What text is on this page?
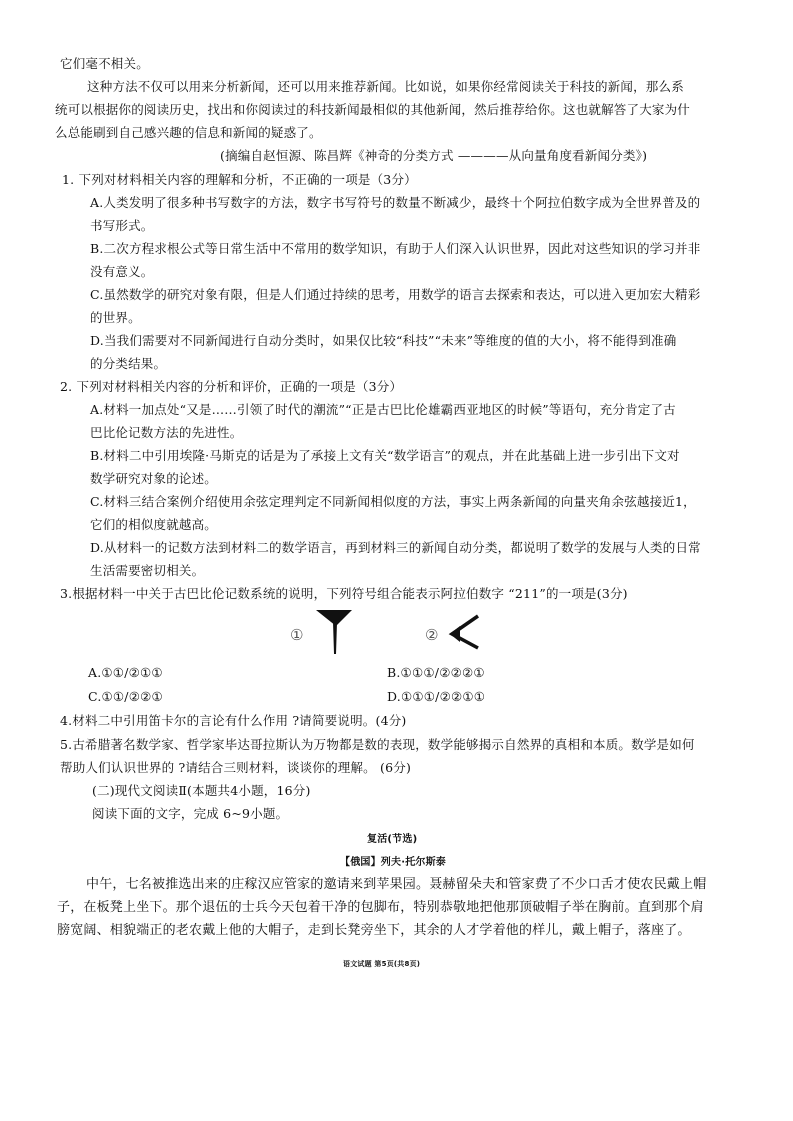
它们毫不相关。
这种方法不仅可以用来分析新闻，还可以用来推荐新闻。比如说，如果你经常阅读关于科技的新闻，那么系
统可以根据你的阅读历史，找出和你阅读过的科技新闻最相似的其他新闻，然后推荐给你。这也就解答了大家为什
么总能刷到自己感兴趣的信息和新闻的疑惑了。
(摘编自赵恒源、陈昌辉《神奇的分类方式 ————从向量角度看新闻分类》)
1. 下列对材料相关内容的理解和分析，不正确的一项是（3分）
A.人类发明了很多种书写数字的方法，数字书写符号的数量不断减少，最终十个阿拉伯数字成为全世界普及的
书写形式。
B.二次方程求根公式等日常生活中不常用的数学知识，有助于人们深入认识世界，因此对这些知识的学习并非
没有意义。
C.虽然数学的研究对象有限，但是人们通过持续的思考，用数学的语言去探索和表达，可以进入更加宏大精彩
的世界。
D.当我们需要对不同新闻进行自动分类时，如果仅比较“科技”“未来”等维度的值的大小，将不能得到准确
的分类结果。
2. 下列对材料相关内容的分析和评价，正确的一项是（3分）
A.材料一加点处“又是……引领了时代的潮流”“正是古巴比伦雄霸西亚地区的时候”等语句，充分肯定了古
巴比伦记数方法的先进性。
B.材料二中引用埃隆·马斯克的话是为了承接上文有关“数学语言”的观点，并在此基础上进一步引出下文对
数学研究对象的论述。
C.材料三结合案例介绍使用余弦定理判定不同新闻相似度的方法，事实上两条新闻的向量夹角余弦越接近1，
它们的相似度就越高。
D.从材料一的记数方法到材料二的数学语言，再到材料三的新闻自动分类，都说明了数学的发展与人类的日常
生活需要密切相关。
3.根据材料一中关于古巴比伦记数系统的说明，下列符号组合能表示阿拉伯数字 “211”的一项是(3分)
①	②
A.①①/②①①	B.①①①/②②②①
C.①①/②②①	D.①①①/②②①①
4.材料二中引用笛卡尔的言论有什么作用 ?请简要说明。(4分)
5.古希腊著名数学家、哲学家毕达哥拉斯认为万物都是数的表现，数学能够揭示自然界的真相和本质。数学是如何
帮助人们认识世界的 ?请结合三则材料，谈谈你的理解。 (6分)
(二)现代文阅读Ⅱ(本题共4小题，16分)
阅读下面的文字，完成 6~9小题。
复活(节选)
【俄国】列夫·托尔斯泰
中午，七名被推选出来的庄稼汉应管家的邀请来到苹果园。聂赫留朵夫和管家费了不少口舌才使农民戴上帽
子，在板凳上坐下。那个退伍的士兵今天包着干净的包脚布，特别恭敬地把他那顶破帽子举在胸前。直到那个肩
膀宽阔、相貌端正的老农戴上他的大帽子，走到长凳旁坐下，其余的人才学着他的样儿，戴上帽子，落座了。
语文试题 第5页(共8页)
